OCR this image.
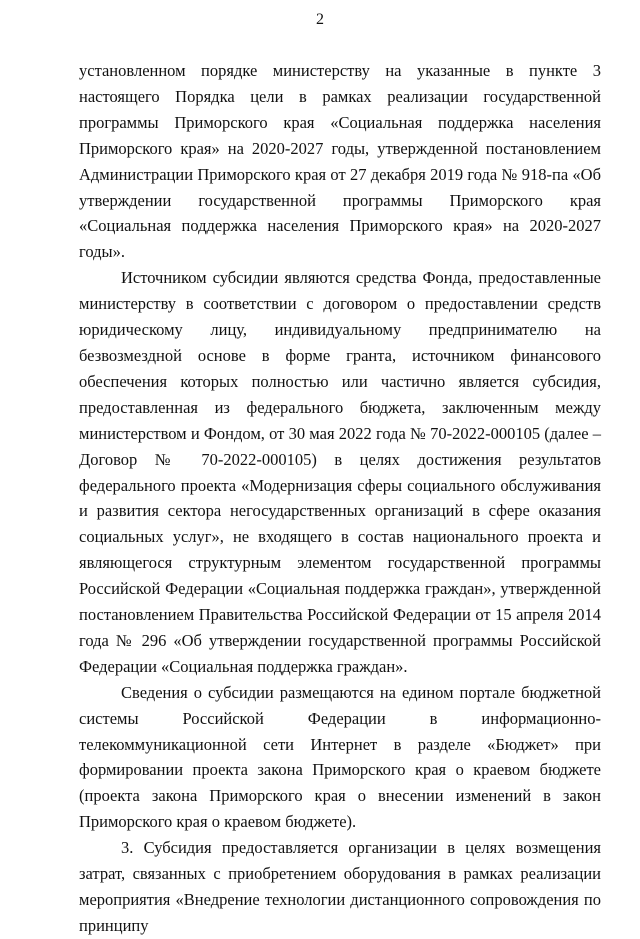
2

установленном порядке министерству на указанные в пункте 3 настоящего Порядка цели в рамках реализации государственной программы Приморского края «Социальная поддержка населения Приморского края» на 2020-2027 годы, утвержденной постановлением Администрации Приморского края от 27 декабря 2019 года № 918-па «Об утверждении государственной программы Приморского края «Социальная поддержка населения Приморского края» на 2020-2027 годы».

Источником субсидии являются средства Фонда, предоставленные министерству в соответствии с договором о предоставлении средств юридическому лицу, индивидуальному предпринимателю на безвозмездной основе в форме гранта, источником финансового обеспечения которых полностью или частично является субсидия, предоставленная из федерального бюджета, заключенным между министерством и Фондом, от 30 мая 2022 года № 70-2022-000105 (далее – Договор № 70-2022-000105) в целях достижения результатов федерального проекта «Модернизация сферы социального обслуживания и развития сектора негосударственных организаций в сфере оказания социальных услуг», не входящего в состав национального проекта и являющегося структурным элементом государственной программы Российской Федерации «Социальная поддержка граждан», утвержденной постановлением Правительства Российской Федерации от 15 апреля 2014 года № 296 «Об утверждении государственной программы Российской Федерации «Социальная поддержка граждан».

Сведения о субсидии размещаются на едином портале бюджетной системы Российской Федерации в информационно-телекоммуникационной сети Интернет в разделе «Бюджет» при формировании проекта закона Приморского края о краевом бюджете (проекта закона Приморского края о внесении изменений в закон Приморского края о краевом бюджете).

3. Субсидия предоставляется организации в целях возмещения затрат, связанных с приобретением оборудования в рамках реализации мероприятия «Внедрение технологии дистанционного сопровождения по принципу
